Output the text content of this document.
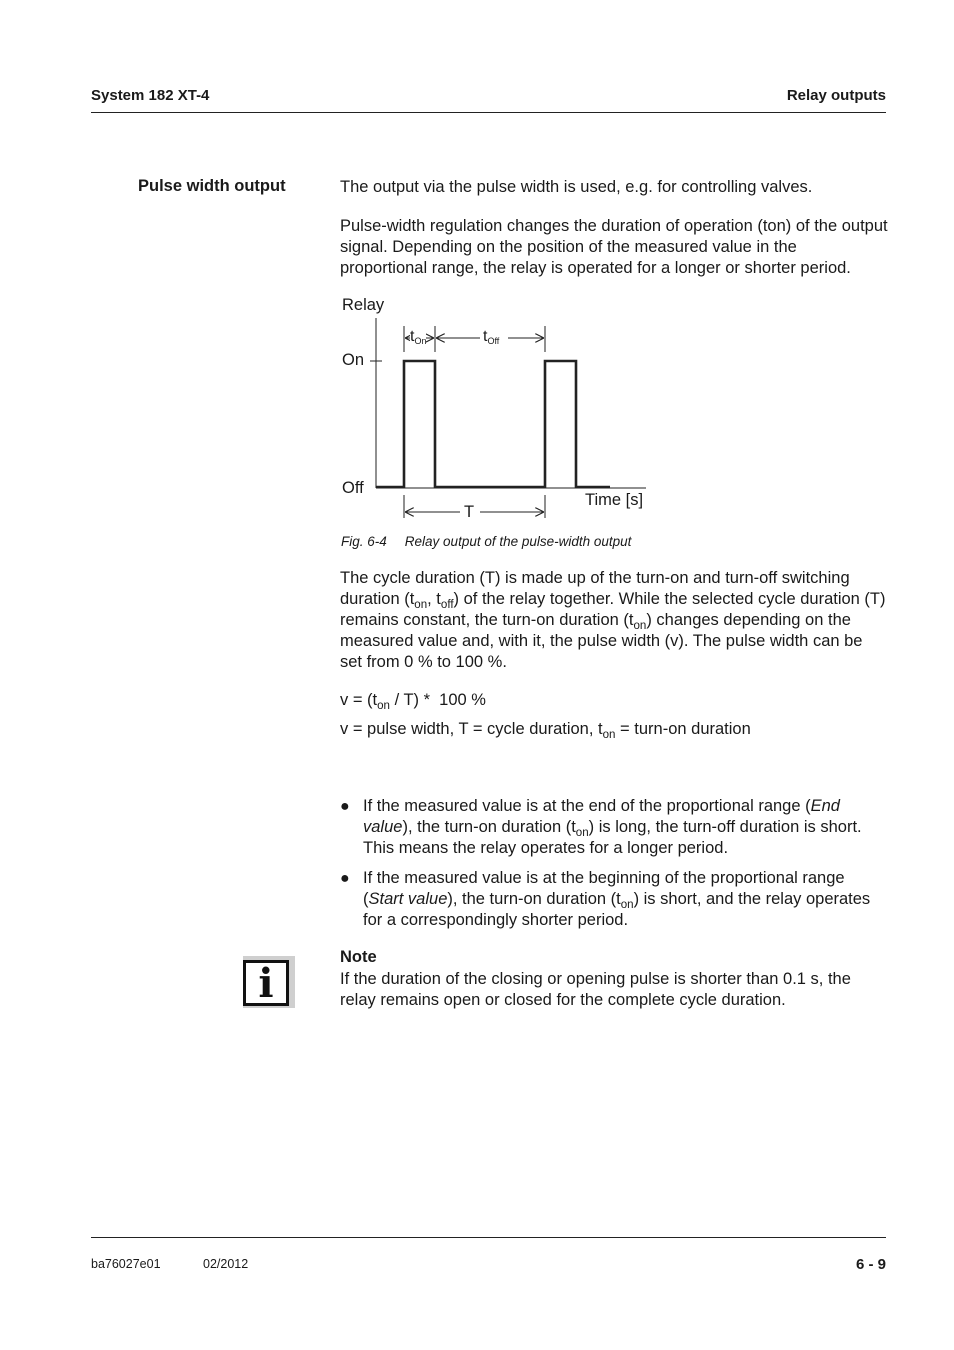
System 182 XT-4	Relay outputs
Pulse width output	The output via the pulse width is used, e.g. for controlling valves.

Pulse-width regulation changes the duration of operation (ton) of the output signal. Depending on the position of the measured value in the proportional range, the relay is operated for a longer or shorter period.

Relay
On
Off
Time [s]
$t_{On}$	$t_{Off}$
T
Fig. 6-4 Relay output of the pulse-width output

The cycle duration (T) is made up of the turn-on and turn-off switching duration ($t_{on}$, $t_{off}$) of the relay together. While the selected cycle duration (T) remains constant, the turn-on duration $(t_{on})$ changes depending on the measured value and, with it, the pulse width (v). The pulse width can be set from 0 % to 100 %.

$v = (t_{on} / T) * 100$ %

v = pulse width, T = cycle duration, $t_{on}$ = turn-on duration

● If the measured value is at the end of the proportional range (End value), the turn-on duration $(t_{on})$ is long, the turn-off duration is short. This means the relay operates for a longer period.
● If the measured value is at the beginning of the proportional range (Start value), the turn-on duration $(t_{on})$ is short, and the relay operates for a correspondingly shorter period.
i
Note

If the duration of the closing or opening pulse is shorter than 0.1 s, the relay remains open or closed for the complete cycle duration.

ba76027e01	02/2012	6 - 9
